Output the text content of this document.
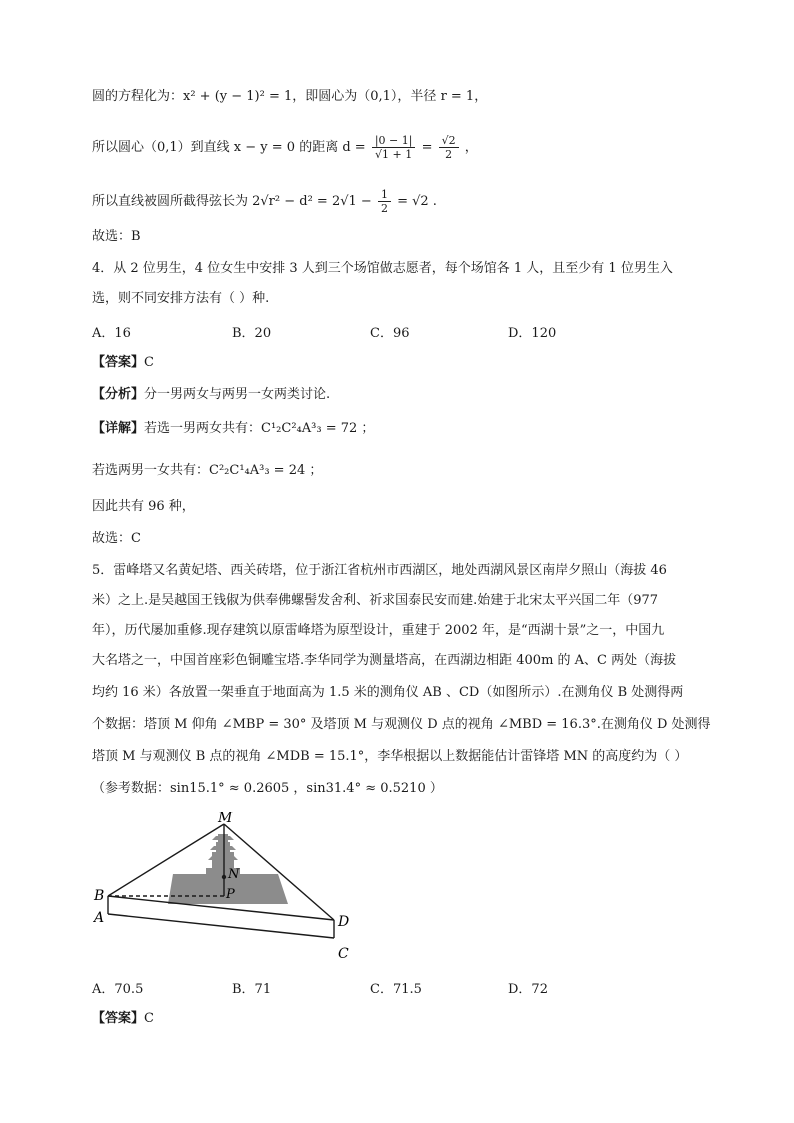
圆的方程化为：x² + (y − 1)² = 1，即圆心为（0,1），半径 r = 1，
所以圆心（0,1）到直线 x − y = 0 的距离 $d = \frac{|0 - 1|}{√1 + 1} = \frac{√2}{2}$ ，
所以直线被圆所截得弦长为 $2√r^2 - d^2 = 2√1 - \frac{1}{2} = √2$ .
故选：B
4．从 2 位男生，4 位女生中安排 3 人到三个场馆做志愿者，每个场馆各 1 人，且至少有 1 位男生入
选，则不同安排方法有（ ）种.
A．16	B．20	C．96	D．120
【答案】C
【分析】分一男两女与两男一女两类讨论.
【详解】若选一男两女共有：C¹₂C²₄A³₃ = 72 ；
若选两男一女共有：C²₂C¹₄A³₃ = 24 ；
因此共有 96 种，
故选：C
5．雷峰塔又名黄妃塔、西关砖塔，位于浙江省杭州市西湖区，地处西湖风景区南岸夕照山（海拔 46
米）之上.是吴越国王钱俶为供奉佛螺髻发舍利、祈求国泰民安而建.始建于北宋太平兴国二年（977
年），历代屡加重修.现存建筑以原雷峰塔为原型设计，重建于 2002 年，是“西湖十景”之一，中国九
大名塔之一，中国首座彩色铜雕宝塔.李华同学为测量塔高，在西湖边相距 400m 的 A、C 两处（海拔
均约 16 米）各放置一架垂直于地面高为 1.5 米的测角仪 AB 、CD（如图所示）.在测角仪 B 处测得两
个数据：塔顶 M 仰角 ∠MBP = 30° 及塔顶 M 与观测仪 D 点的视角 ∠MBD = 16.3°.在测角仪 D 处测得
塔顶 M 与观测仪 B 点的视角 ∠MDB = 15.1°，李华根据以上数据能估计雷锋塔 MN 的高度约为（ ）
（参考数据：sin15.1° ≈ 0.2605 ，sin31.4° ≈ 0.5210 ）
M
N
P
B
A	D
C
A．70.5	B．71	C．71.5	D．72
【答案】C
